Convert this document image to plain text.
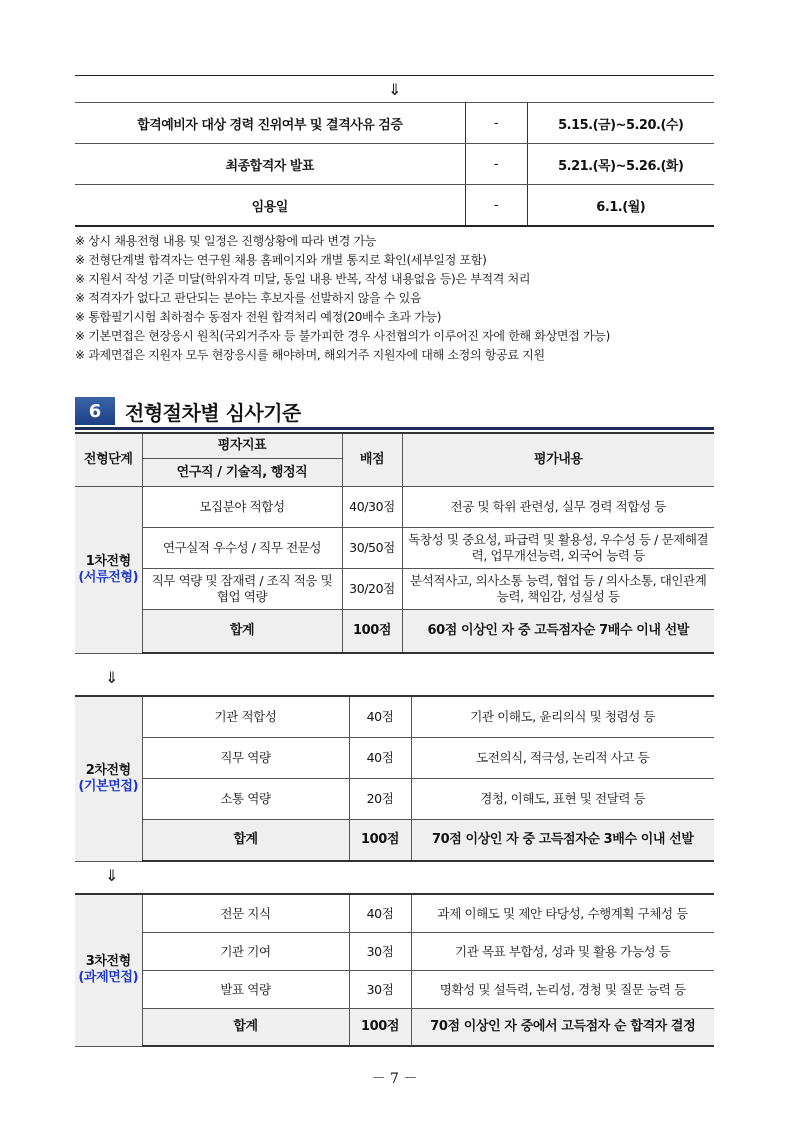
⇓		
합격예비자 대상 경력 진위여부 및 결격사유 검증	-	5.15.(금)~5.20.(수)
최종합격자 발표	-	5.21.(목)~5.26.(화)
임용일	-	6.1.(월)
※ 상시 채용전형 내용 및 일정은 진행상황에 따라 변경 가능
※ 전형단계별 합격자는 연구원 채용 홈페이지와 개별 통지로 확인(세부일정 포함)
※ 지원서 작성 기준 미달(학위자격 미달, 동일 내용 반복, 작성 내용없음 등)은 부적격 처리
※ 적격자가 없다고 판단되는 분야는 후보자를 선발하지 않을 수 있음
※ 통합필기시험 최하점수 동점자 전원 합격처리 예정(20배수 초과 가능)
※ 기본면접은 현장응시 원칙(국외거주자 등 불가피한 경우 사전협의가 이루어진 자에 한해 화상면접 가능)
※ 과제면접은 지원자 모두 현장응시를 해야하며, 해외거주 지원자에 대해 소정의 항공료 지원
6	전형절차별 심사기준
전형단계	평자지표	배점	평가내용
	연구직 / 기술직, 행정직		
1차전형
(서류전형)	모집분야 적합성	40/30점	전공 및 학위 관련성, 실무 경력 적합성 등
	연구실적 우수성 / 직무 전문성	30/50점	독창성 및 중요성, 파급력 및 활용성, 우수성 등 / 문제해결력, 업무개선능력, 외국어 능력 등
	직무 역량 및 잠재력 / 조직 적응 및 협업 역량	30/20점	분석적사고, 의사소통 능력, 협업 등 / 의사소통, 대인관계 능력, 책임감, 성실성 등
	합계	100점	60점 이상인 자 중 고득점자순 7배수 이내 선발
⇓
2차전형
(기본면접)	기관 적합성	40점	기관 이해도, 윤리의식 및 청렴성 등
	직무 역량	40점	도전의식, 적극성, 논리적 사고 등
	소통 역량	20점	경청, 이해도, 표현 및 전달력 등
	합계	100점	70점 이상인 자 중 고득점자순 3배수 이내 선발
⇓
3차전형
(과제면접)	전문 지식	40점	과제 이해도 및 제안 타당성, 수행계획 구체성 등
	기관 기여	30점	기관 목표 부합성, 성과 및 활용 가능성 등
	발표 역량	30점	명확성 및 설득력, 논리성, 경청 및 질문 능력 등
	합계	100점	70점 이상인 자 중에서 고득점자 순 합격자 결정
－ 7 －
